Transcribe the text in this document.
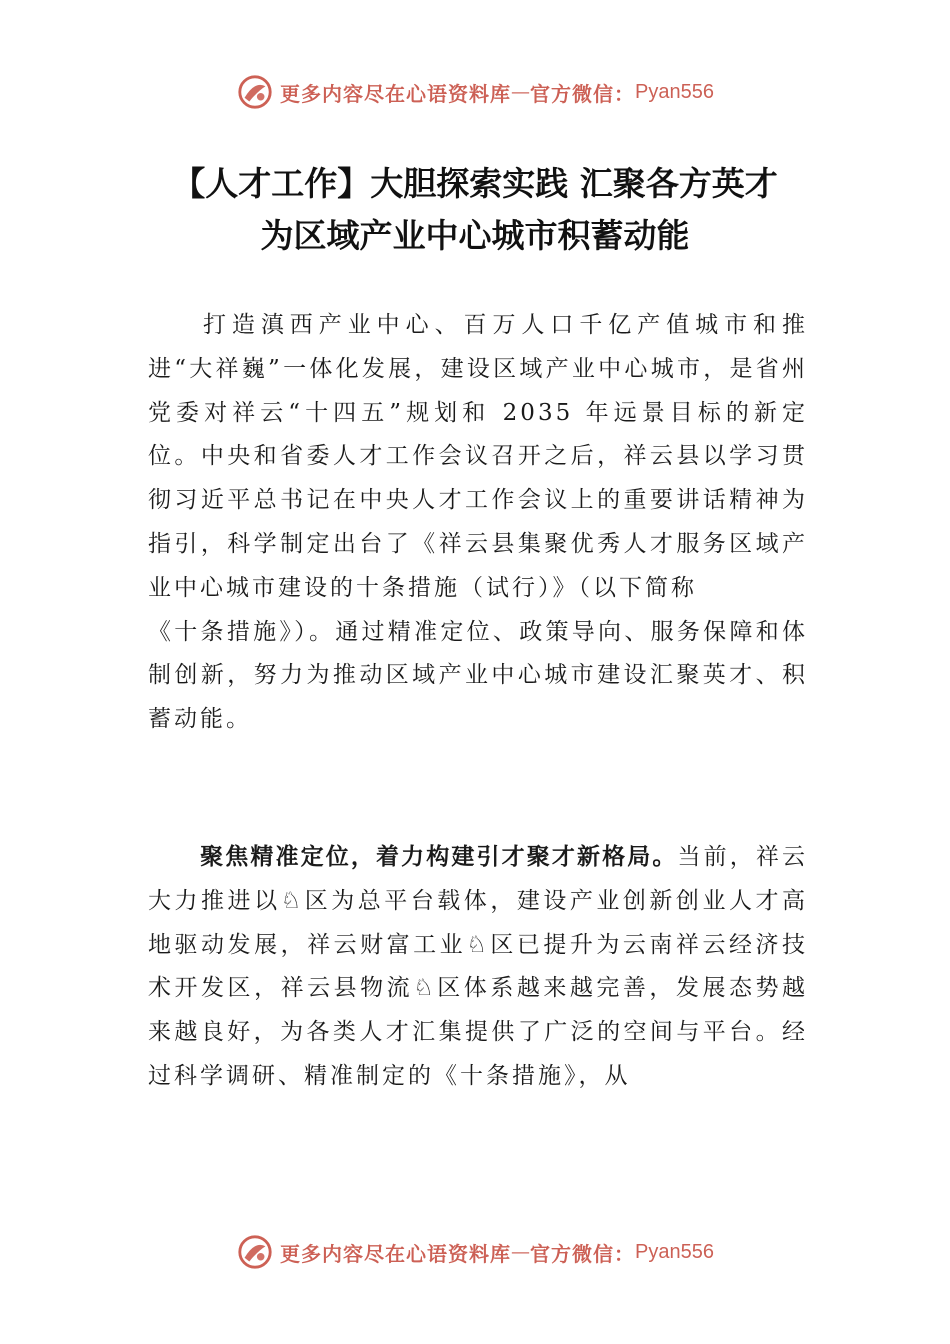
更多内容尽在心语资料库 — 官方微信： Pyan556
【人才工作】大胆探索实践 汇聚各方英才
为区域产业中心城市积蓄动能
打造滇西产业中心、百万人口千亿产值城市和推进“大祥巍”一体化发展，建设区域产业中心城市，是省州党委对祥云“十四五”规划和 2035 年远景目标的新定位。中央和省委人才工作会议召开之后，祥云县以学习贯彻习近平总书记在中央人才工作会议上的重要讲话精神为指引，科学制定出台了《祥云县集聚优秀人才服务区域产业中心城市建设的十条措施（试行）》（以下简称
《十条措施》）。通过精准定位、政策导向、服务保障和体制创新，努力为推动区域产业中心城市建设汇聚英才、积蓄动能。
聚焦精准定位，着力构建引才聚才新格局。当前，祥云大力推进以♘区为总平台载体，建设产业创新创业人才高地驱动发展，祥云财富工业♘区已提升为云南祥云经济技术开发区，祥云县物流♘区体系越来越完善，发展态势越来越良好，为各类人才汇集提供了广泛的空间与平台。经过科学调研、精准制定的《十条措施》，从
更多内容尽在心语资料库 — 官方微信： Pyan556
